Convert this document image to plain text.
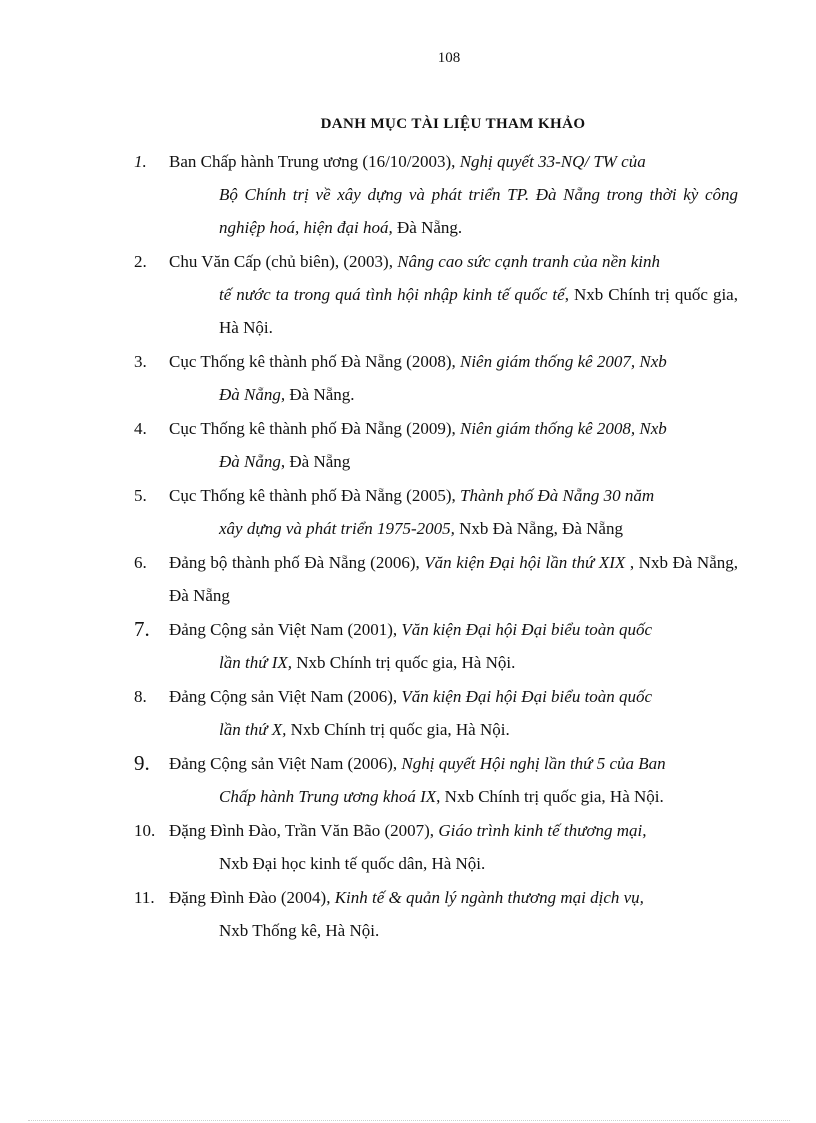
108
DANH MỤC TÀI LIỆU THAM KHẢO
1.	Ban Chấp hành Trung ương (16/10/2003), Nghị quyết 33-NQ/ TW của
Bộ Chính trị về xây dựng và phát triển TP. Đà Nẵng trong thời kỳ công nghiệp hoá, hiện đại hoá, Đà Nẵng.
2.	Chu Văn Cấp (chủ biên), (2003), Nâng cao sức cạnh tranh của nền kinh
tế nước ta trong quá tình hội nhập kinh tế quốc tế, Nxb Chính trị quốc gia, Hà Nội.
3.	Cục Thống kê thành phố Đà Nẵng (2008), Niên giám thống kê 2007, Nxb
Đà Nẵng, Đà Nẵng.
4.	Cục Thống kê thành phố Đà Nẵng (2009), Niên giám thống kê 2008, Nxb
Đà Nẵng, Đà Nẵng
5.	Cục Thống kê thành phố Đà Nẵng (2005), Thành phố Đà Nẵng 30 năm
xây dựng và phát triển 1975-2005, Nxb Đà Nẵng, Đà Nẵng
6.	Đảng bộ thành phố Đà Nẵng (2006), Văn kiện Đại hội lần thứ XIX , Nxb Đà Nẵng, Đà Nẵng
7.	Đảng Cộng sản Việt Nam (2001), Văn kiện Đại hội Đại biểu toàn quốc
lần thứ IX, Nxb Chính trị quốc gia, Hà Nội.
8.	Đảng Cộng sản Việt Nam (2006), Văn kiện Đại hội Đại biểu toàn quốc
lần thứ X, Nxb Chính trị quốc gia, Hà Nội.
9.	Đảng Cộng sản Việt Nam (2006), Nghị quyết Hội nghị lần thứ 5 của Ban
Chấp hành Trung ương khoá IX, Nxb Chính trị quốc gia, Hà Nội.
10. Đặng Đình Đào, Trần Văn Bão (2007), Giáo trình kinh tế thương mại,
Nxb Đại học kinh tế quốc dân, Hà Nội.
11. Đặng Đình Đào (2004), Kinh tế & quản lý ngành thương mại dịch vụ,
Nxb Thống kê, Hà Nội.
